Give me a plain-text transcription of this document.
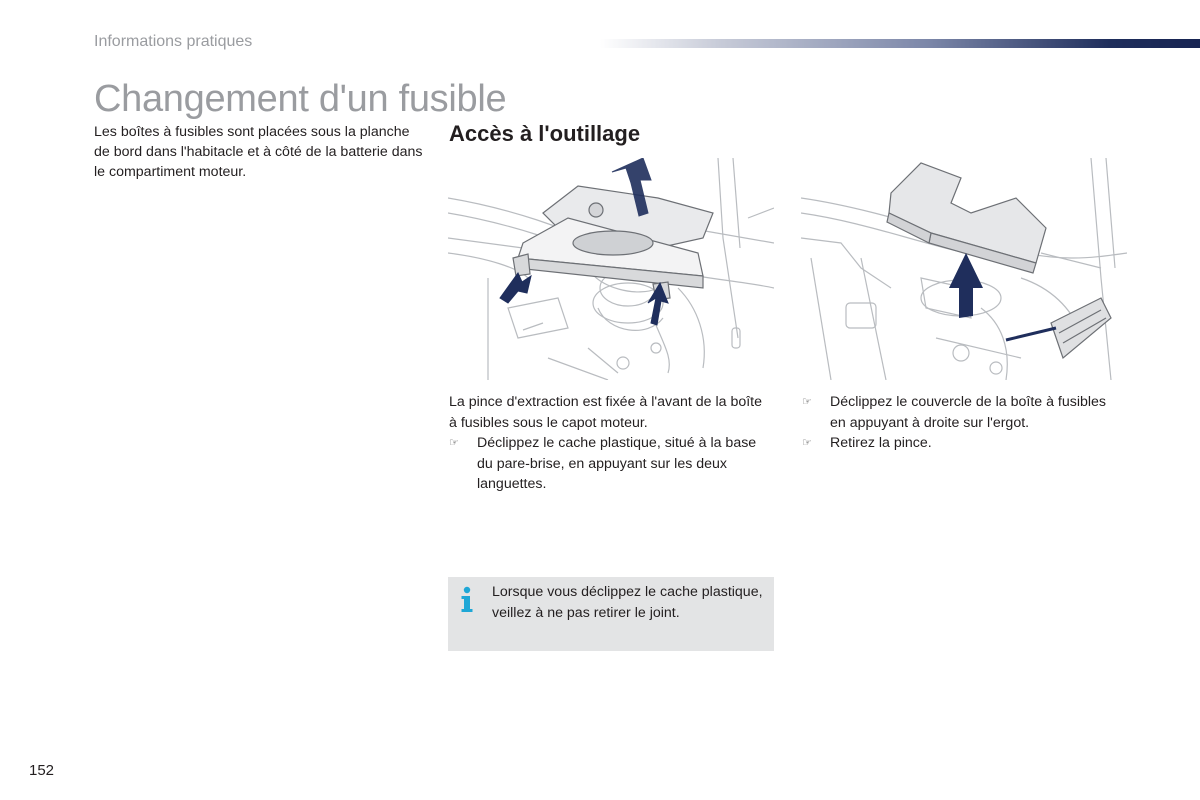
Informations pratiques
Changement d'un fusible
Les boîtes à fusibles sont placées sous la planche de bord dans l'habitacle et à côté de la batterie dans le compartiment moteur.
Accès à l'outillage
La pince d'extraction est fixée à l'avant de la boîte à fusibles sous le capot moteur.
☞ Déclippez le cache plastique, situé à la base du pare-brise, en appuyant sur les deux languettes.
☞ Déclippez le couvercle de la boîte à fusibles en appuyant à droite sur l'ergot.
☞ Retirez la pince.
Lorsque vous déclippez le cache plastique, veillez à ne pas retirer le joint.
152
